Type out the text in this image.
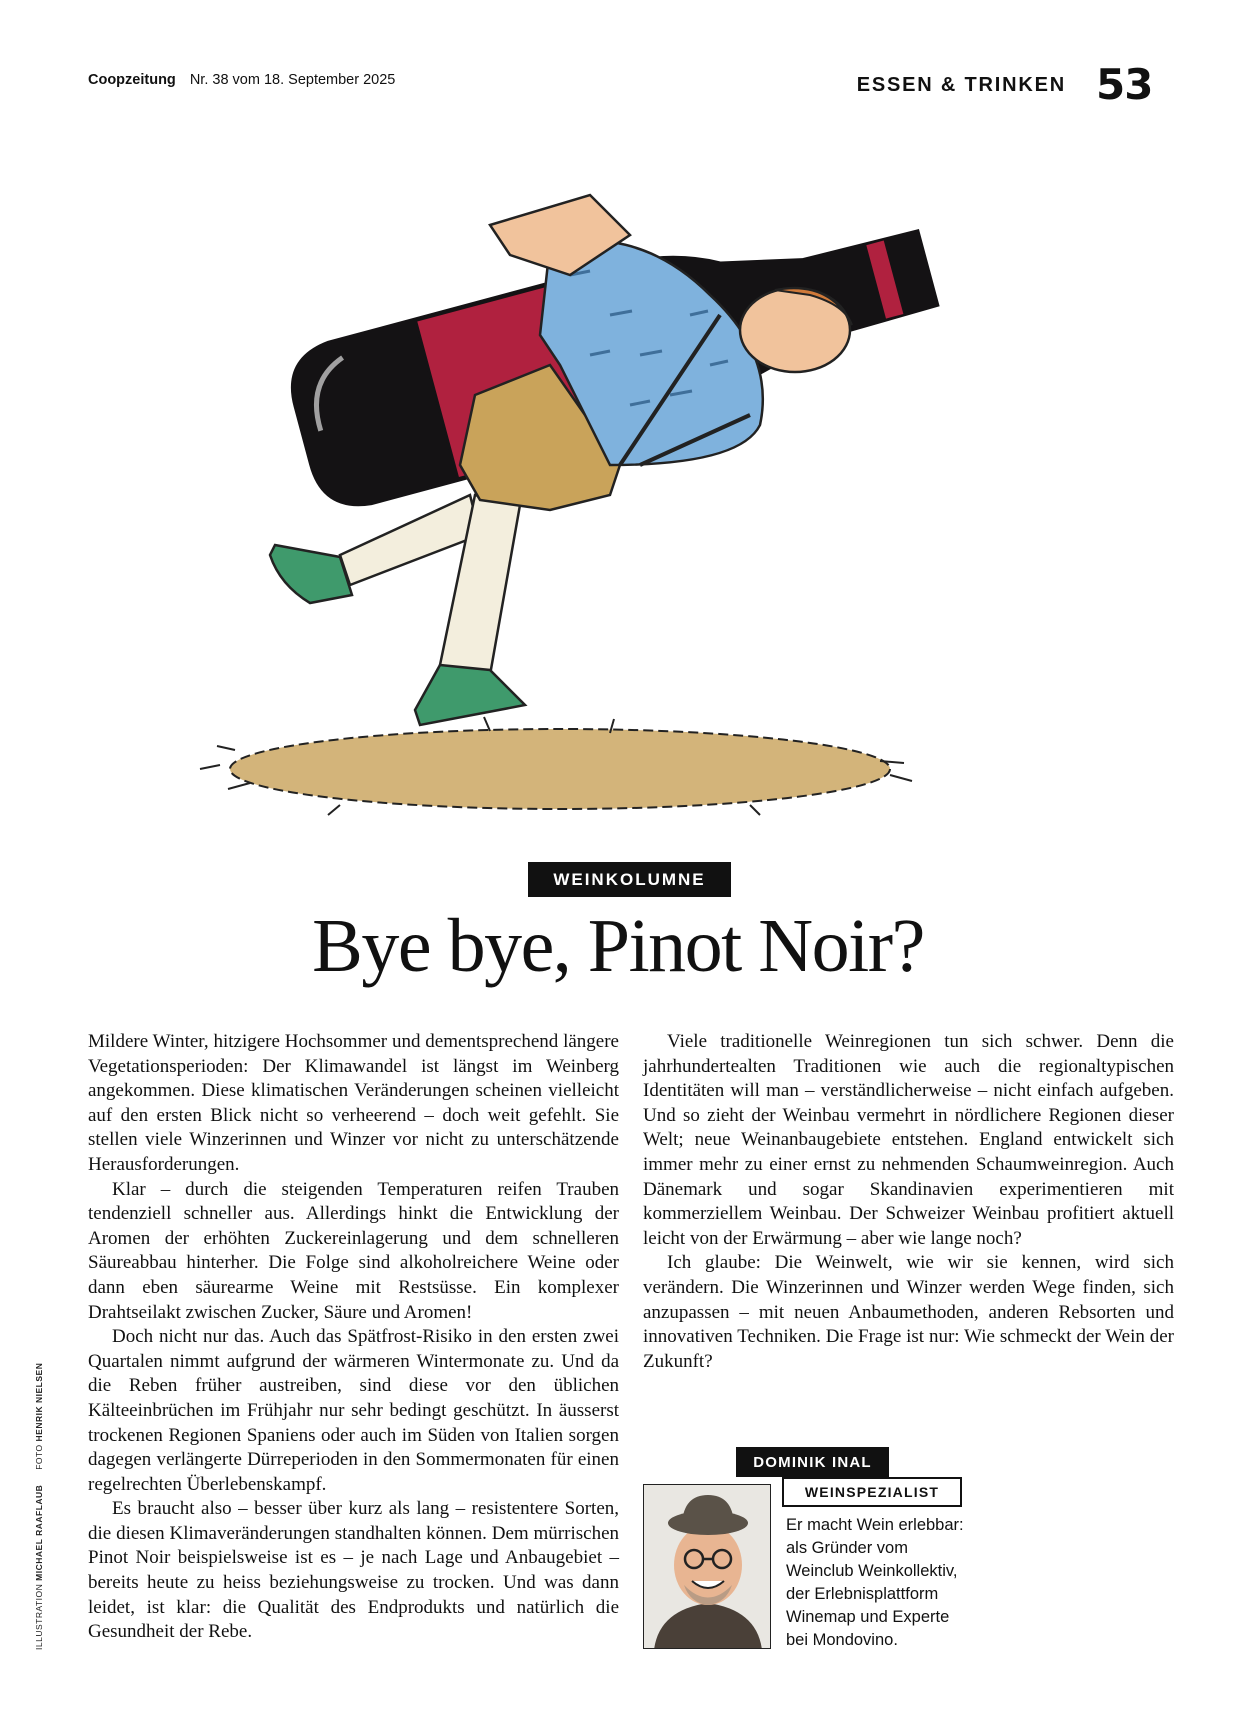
Coopzeitung Nr. 38 vom 18. September 2025	ESSEN & TRINKEN 53
WEINKOLUMNE
Bye bye, Pinot Noir?

Mildere Winter, hitzigere Hochsommer und dementsprechend längere Vegetationsperioden: Der Klimawandel ist längst im Weinberg angekommen. Diese klimatischen Veränderungen scheinen vielleicht auf den ersten Blick nicht so verheerend – doch weit gefehlt. Sie stellen viele Winzerinnen und Winzer vor nicht zu unterschätzende Herausforderungen.

Klar – durch die steigenden Temperaturen reifen Trauben tendenziell schneller aus. Allerdings hinkt die Entwicklung der Aromen der erhöhten Zuckereinlagerung und dem schnelleren Säureabbau hinterher. Die Folge sind alkoholreichere Weine oder dann eben säurearme Weine mit Restsüsse. Ein komplexer Drahtseilakt zwischen Zucker, Säure und Aromen!

Doch nicht nur das. Auch das Spätfrost-Risiko in den ersten zwei Quartalen nimmt aufgrund der wärmeren Wintermonate zu. Und da die Reben früher austreiben, sind diese vor den üblichen Kälteeinbrüchen im Frühjahr nur sehr bedingt geschützt. In äusserst trockenen Regionen Spaniens oder auch im Süden von Italien sorgen dagegen verlängerte Dürreperioden in den Sommermonaten für einen regelrechten Überlebenskampf.

Es braucht also – besser über kurz als lang – resistentere Sorten, die diesen Klimaveränderungen standhalten können. Dem mürrischen Pinot Noir beispielsweise ist es – je nach Lage und Anbaugebiet – bereits heute zu heiss beziehungsweise zu trocken. Und was dann leidet, ist klar: die Qualität des Endprodukts und natürlich die Gesundheit der Rebe.

Viele traditionelle Weinregionen tun sich schwer. Denn die jahrhundertealten Traditionen wie auch die regionaltypischen Identitäten will man – verständlicherweise – nicht einfach aufgeben. Und so zieht der Weinbau vermehrt in nördlichere Regionen dieser Welt; neue Weinanbaugebiete entstehen. England entwickelt sich immer mehr zu einer ernst zu nehmenden Schaumweinregion. Auch Dänemark und sogar Skandinavien experimentieren mit kommerziellem Weinbau. Der Schweizer Weinbau profitiert aktuell leicht von der Erwärmung – aber wie lange noch?

Ich glaube: Die Weinwelt, wie wir sie kennen, wird sich verändern. Die Winzerinnen und Winzer werden Wege finden, sich anzupassen – mit neuen Anbaumethoden, anderen Rebsorten und innovativen Techniken. Die Frage ist nur: Wie schmeckt der Wein der Zukunft?

DOMINIK INAL
WEINSPEZIALIST
Er macht Wein erlebbar:
als Gründer vom
Weinclub Weinkollektiv,
der Erlebnisplattform
Winemap und Experte
bei Mondovino.
ILLUSTRATION MICHAEL RAAFLAUB FOTO HENRIK NIELSEN
